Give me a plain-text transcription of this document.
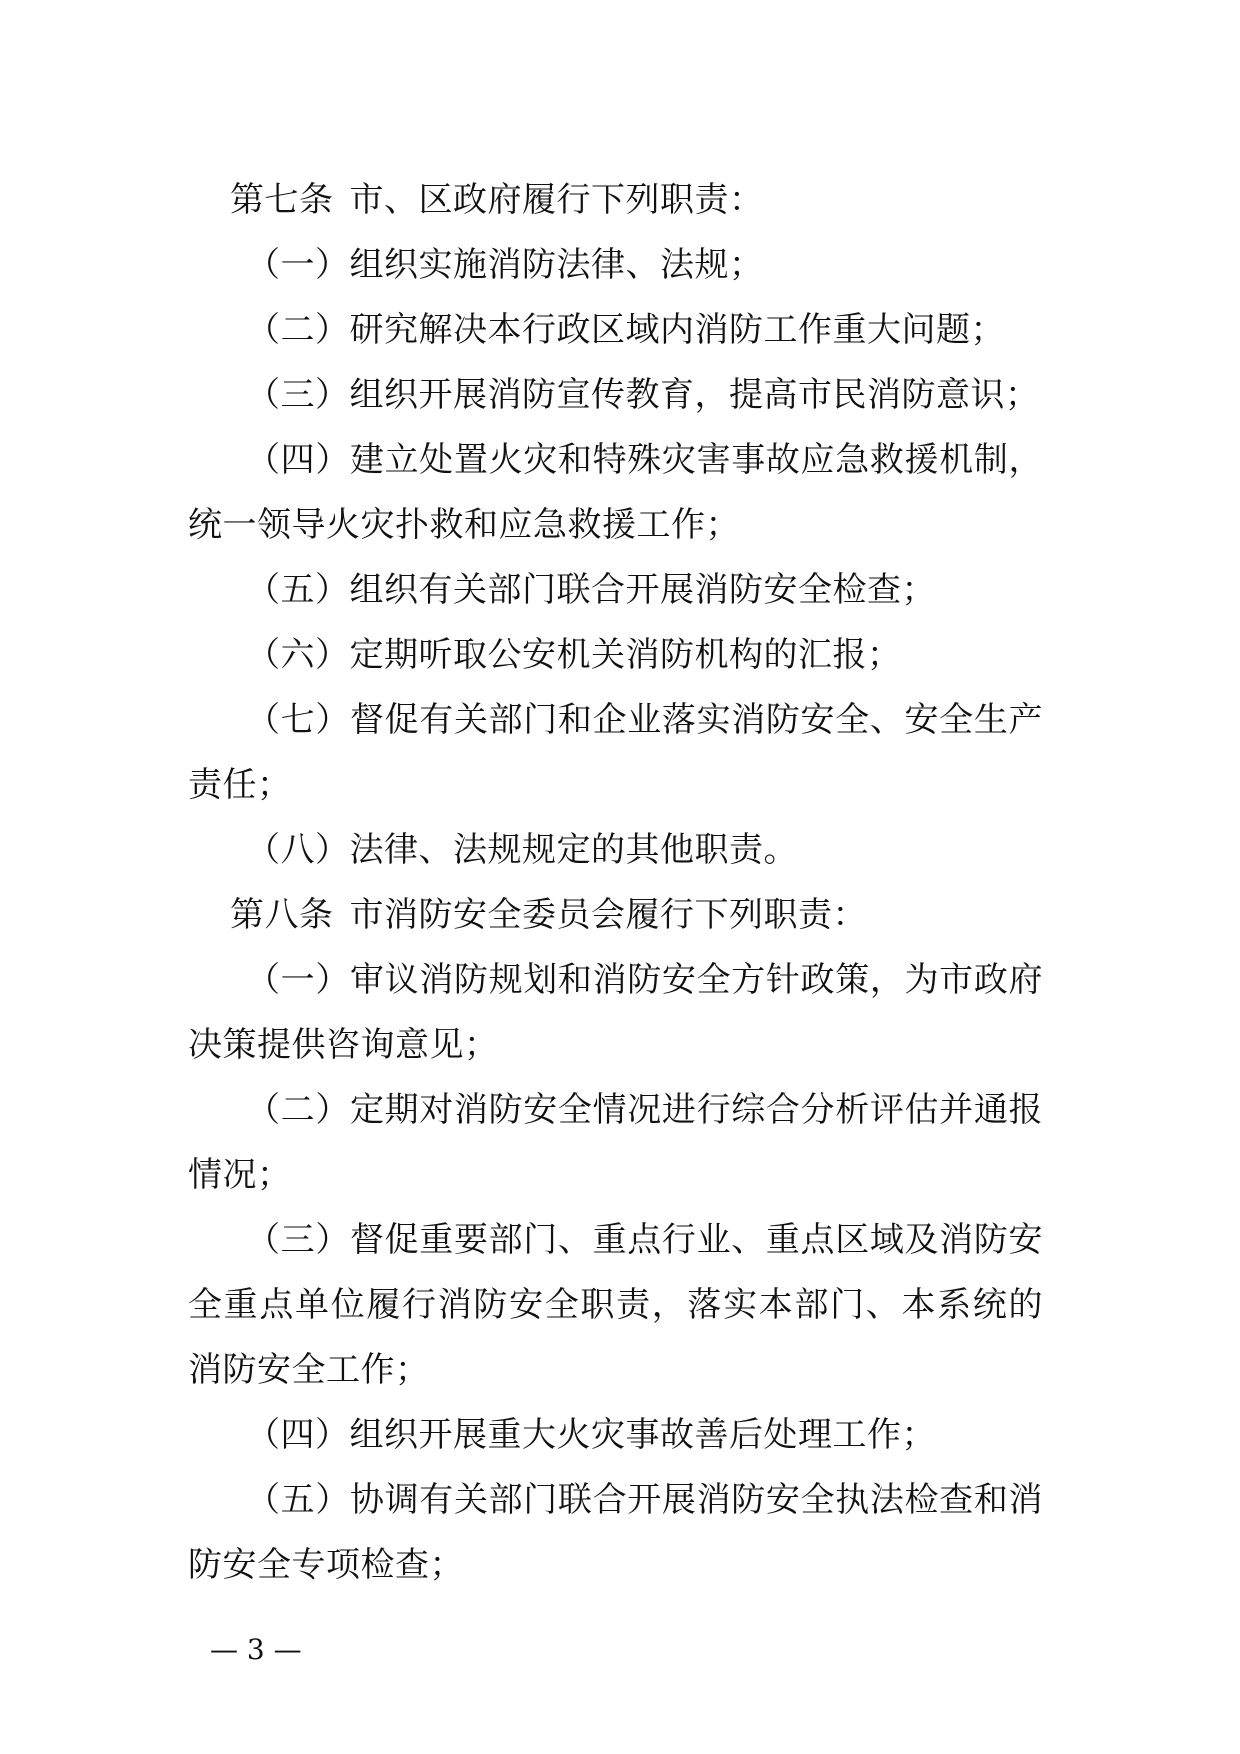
第七条 市、区政府履行下列职责：

（一）组织实施消防法律、法规；

（二）研究解决本行政区域内消防工作重大问题；

（三）组织开展消防宣传教育，提高市民消防意识；

（四）建立处置火灾和特殊灾害事故应急救援机制，统一领导火灾扑救和应急救援工作；

（五）组织有关部门联合开展消防安全检查；

（六）定期听取公安机关消防机构的汇报；

（七）督促有关部门和企业落实消防安全、安全生产责任；

（八）法律、法规规定的其他职责。

第八条 市消防安全委员会履行下列职责：

（一）审议消防规划和消防安全方针政策，为市政府决策提供咨询意见；

（二）定期对消防安全情况进行综合分析评估并通报情况；

（三）督促重要部门、重点行业、重点区域及消防安全重点单位履行消防安全职责，落实本部门、本系统的消防安全工作；

（四）组织开展重大火灾事故善后处理工作；

（五）协调有关部门联合开展消防安全执法检查和消防安全专项检查；

— 3 —
